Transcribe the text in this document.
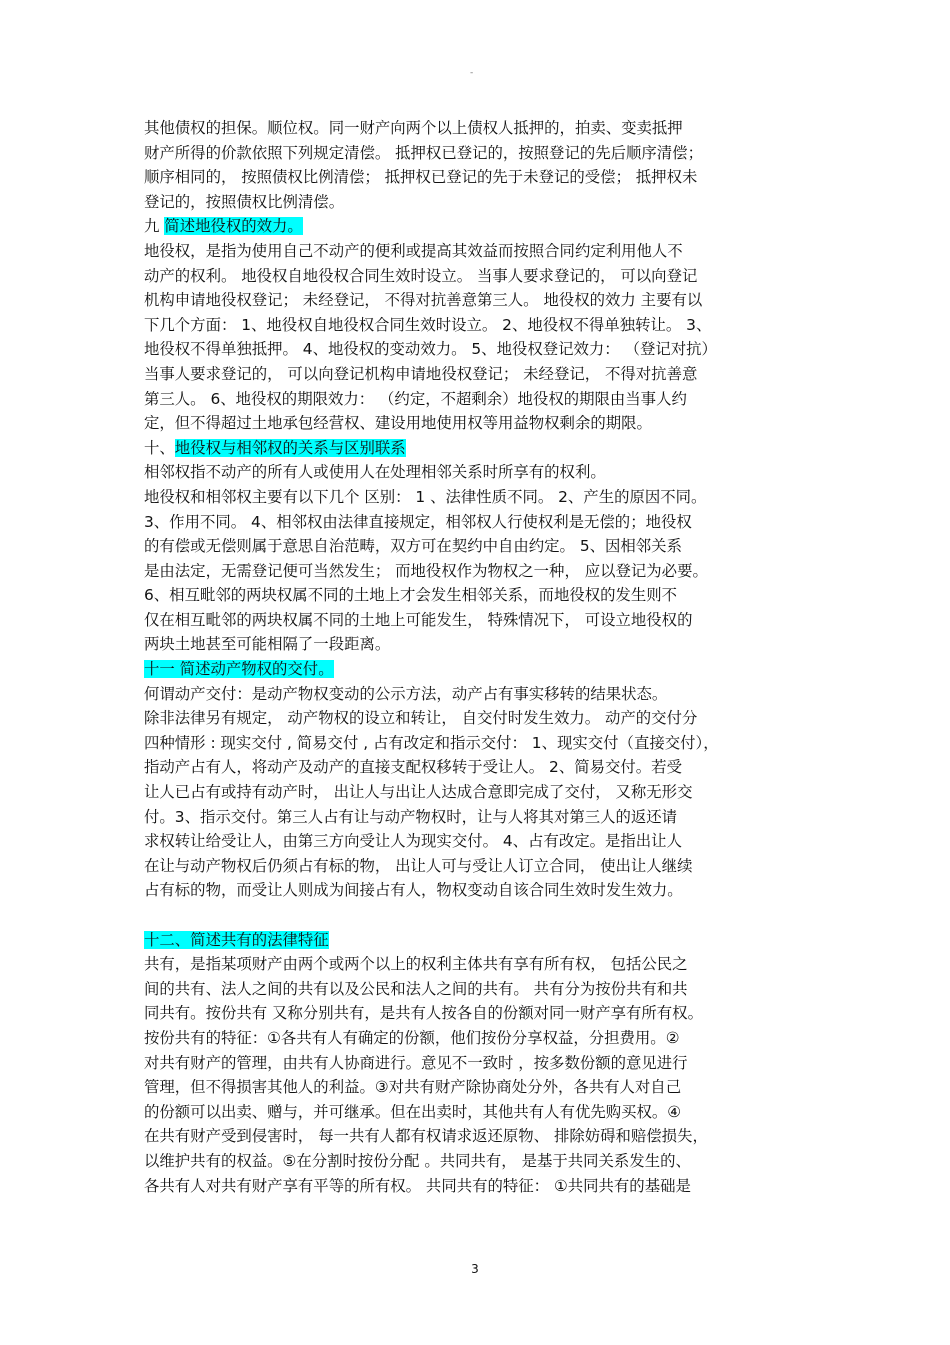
-
其他债权的担保。顺位权。同一财产向两个以上债权人抵押的，拍卖、变卖抵押
财产所得的价款依照下列规定清偿。 抵押权已登记的，按照登记的先后顺序清偿；
顺序相同的， 按照债权比例清偿； 抵押权已登记的先于未登记的受偿； 抵押权未
登记的，按照债权比例清偿。
九 简述地役权的效力。
地役权，是指为使用自己不动产的便利或提高其效益而按照合同约定利用他人不
动产的权利。 地役权自地役权合同生效时设立。 当事人要求登记的， 可以向登记
机构申请地役权登记； 未经登记， 不得对抗善意第三人。 地役权的效力 主要有以
下几个方面： 1、地役权自地役权合同生效时设立。 2、地役权不得单独转让。 3、
地役权不得单独抵押。 4、地役权的变动效力。 5、地役权登记效力： （登记对抗）
当事人要求登记的， 可以向登记机构申请地役权登记； 未经登记， 不得对抗善意
第三人。 6、地役权的期限效力： （约定，不超剩余）地役权的期限由当事人约
定，但不得超过土地承包经营权、建设用地使用权等用益物权剩余的期限。
十、地役权与相邻权的关系与区别联系
相邻权指不动产的所有人或使用人在处理相邻关系时所享有的权利。
地役权和相邻权主要有以下几个 区别： 1 、法律性质不同。 2、产生的原因不同。
3、作用不同。 4、相邻权由法律直接规定，相邻权人行使权利是无偿的；地役权
的有偿或无偿则属于意思自治范畴，双方可在契约中自由约定。 5、因相邻关系
是由法定，无需登记便可当然发生； 而地役权作为物权之一种， 应以登记为必要。
6、相互毗邻的两块权属不同的土地上才会发生相邻关系，而地役权的发生则不
仅在相互毗邻的两块权属不同的土地上可能发生， 特殊情况下， 可设立地役权的
两块土地甚至可能相隔了一段距离。
十一 简述动产物权的交付。
何谓动产交付：是动产物权变动的公示方法，动产占有事实移转的结果状态。
除非法律另有规定， 动产物权的设立和转让， 自交付时发生效力。 动产的交付分
四种情形 : 现实交付 , 简易交付 , 占有改定和指示交付： 1、现实交付（直接交付），
指动产占有人，将动产及动产的直接支配权移转于受让人。 2、简易交付。若受
让人已占有或持有动产时， 出让人与出让人达成合意即完成了交付， 又称无形交
付。3、指示交付。第三人占有让与动产物权时，让与人将其对第三人的返还请
求权转让给受让人，由第三方向受让人为现实交付。 4、占有改定。是指出让人
在让与动产物权后仍须占有标的物， 出让人可与受让人订立合同， 使出让人继续
占有标的物，而受让人则成为间接占有人，物权变动自该合同生效时发生效力。
十二、简述共有的法律特征
共有，是指某项财产由两个或两个以上的权利主体共有享有所有权， 包括公民之
间的共有、法人之间的共有以及公民和法人之间的共有。 共有分为按份共有和共
同共有。按份共有 又称分别共有，是共有人按各自的份额对同一财产享有所有权。
按份共有的特征：①各共有人有确定的份额，他们按份分享权益，分担费用。②
对共有财产的管理，由共有人协商进行。意见不一致时 ，按多数份额的意见进行
管理，但不得损害其他人的利益。③对共有财产除协商处分外，各共有人对自己
的份额可以出卖、赠与，并可继承。但在出卖时，其他共有人有优先购买权。④
在共有财产受到侵害时， 每一共有人都有权请求返还原物、 排除妨碍和赔偿损失，
以维护共有的权益。⑤在分割时按份分配 。共同共有， 是基于共同关系发生的、
各共有人对共有财产享有平等的所有权。 共同共有的特征： ①共同共有的基础是
3
